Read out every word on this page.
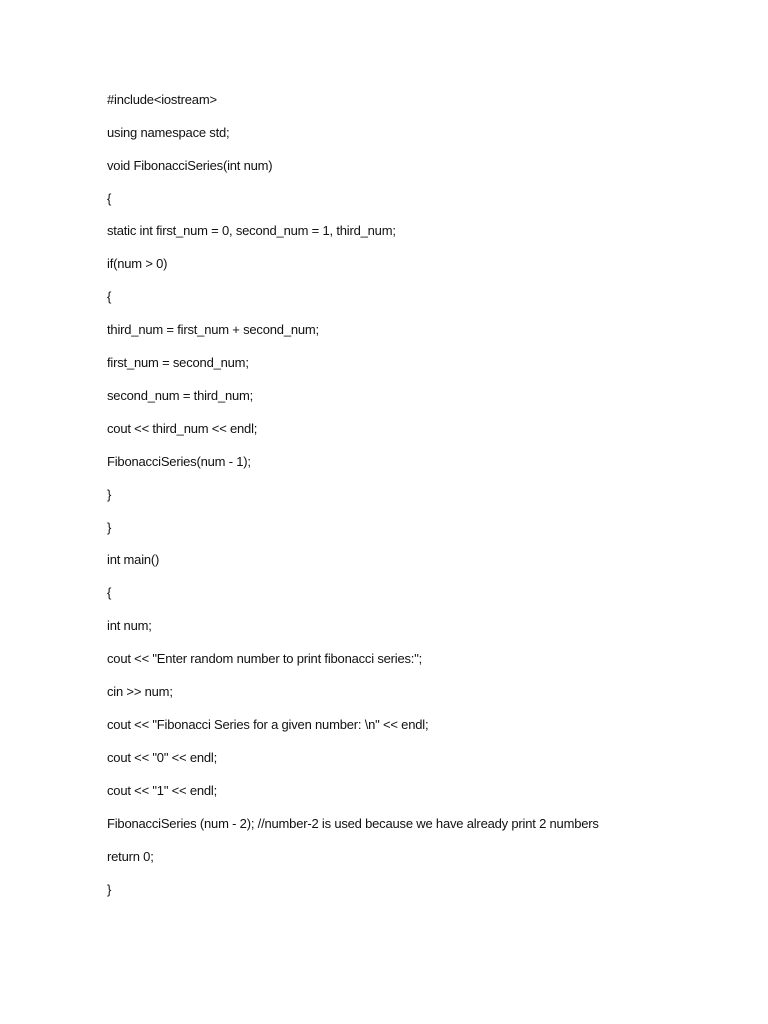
#include<iostream>

using namespace std;

void FibonacciSeries(int num)

{

static int first_num = 0, second_num = 1, third_num;

if(num > 0)

{

third_num = first_num + second_num;

first_num = second_num;

second_num = third_num;

cout << third_num << endl;

FibonacciSeries(num - 1);

}

}

int main()

{

int num;

cout << "Enter random number to print fibonacci series:";

cin >> num;

cout << "Fibonacci Series for a given number: \n" << endl;

cout << "0" << endl;

cout << "1" << endl;

FibonacciSeries (num - 2); //number-2 is used because we have already print 2 numbers

return 0;

}
